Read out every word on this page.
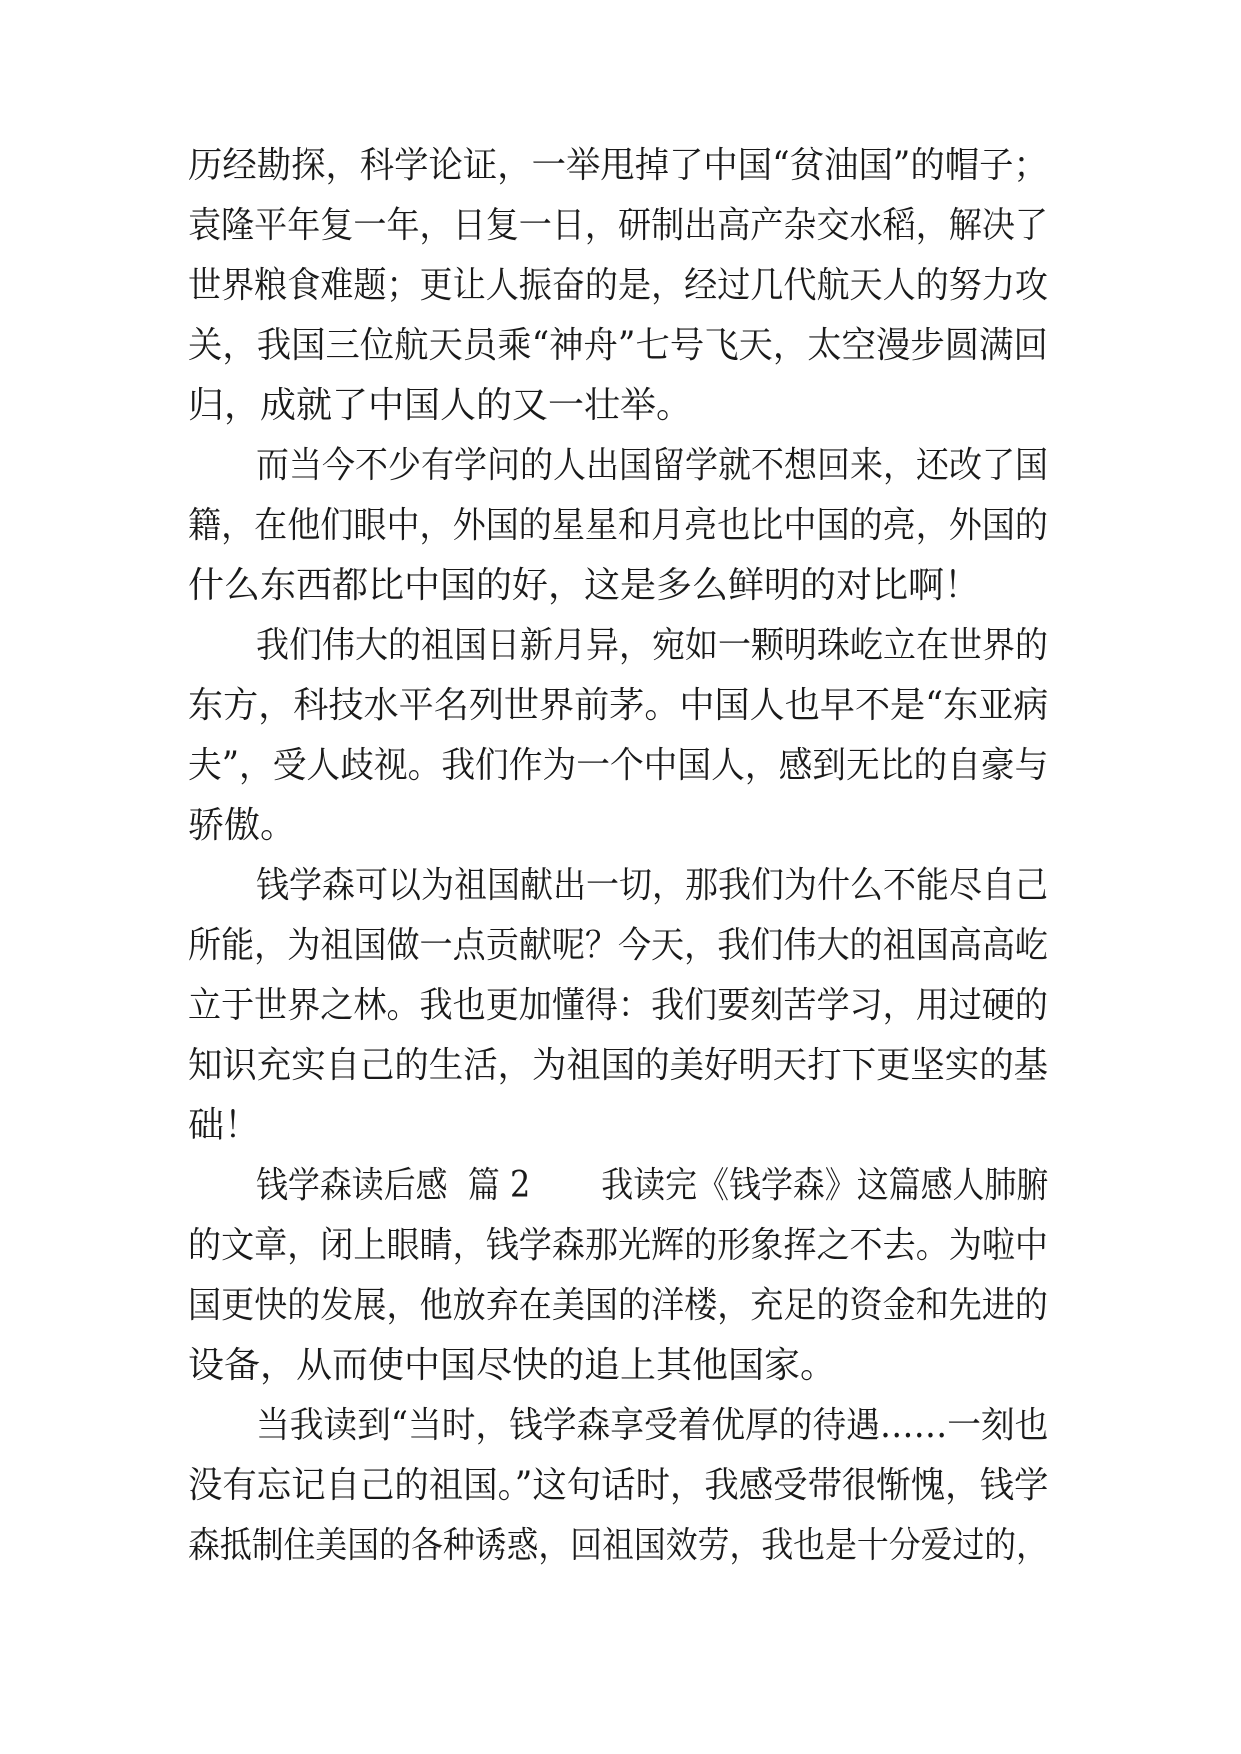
历经勘探，科学论证，一举甩掉了中国“贫油国”的帽子；
袁隆平年复一年，日复一日，研制出高产杂交水稻，解决了
世界粮食难题；更让人振奋的是，经过几代航天人的努力攻
关，我国三位航天员乘“神舟”七号飞天，太空漫步圆满回
归，成就了中国人的又一壮举。
而当今不少有学问的人出国留学就不想回来，还改了国
籍，在他们眼中，外国的星星和月亮也比中国的亮，外国的
什么东西都比中国的好，这是多么鲜明的对比啊！
我们伟大的祖国日新月异，宛如一颗明珠屹立在世界的
东方，科技水平名列世界前茅。中国人也早不是“东亚病
夫”，受人歧视。我们作为一个中国人，感到无比的自豪与
骄傲。
钱学森可以为祖国献出一切，那我们为什么不能尽自己
所能，为祖国做一点贡献呢？今天，我们伟大的祖国高高屹
立于世界之林。我也更加懂得：我们要刻苦学习，用过硬的
知识充实自己的生活，为祖国的美好明天打下更坚实的基
础！
钱学森读后感  篇 2       我读完《钱学森》这篇感人肺腑
的文章，闭上眼睛，钱学森那光辉的形象挥之不去。为啦中
国更快的发展，他放弃在美国的洋楼，充足的资金和先进的
设备，从而使中国尽快的追上其他国家。
当我读到“当时，钱学森享受着优厚的待遇……一刻也
没有忘记自己的祖国。”这句话时，我感受带很惭愧，钱学
森抵制住美国的各种诱惑，回祖国效劳，我也是十分爱过的，
